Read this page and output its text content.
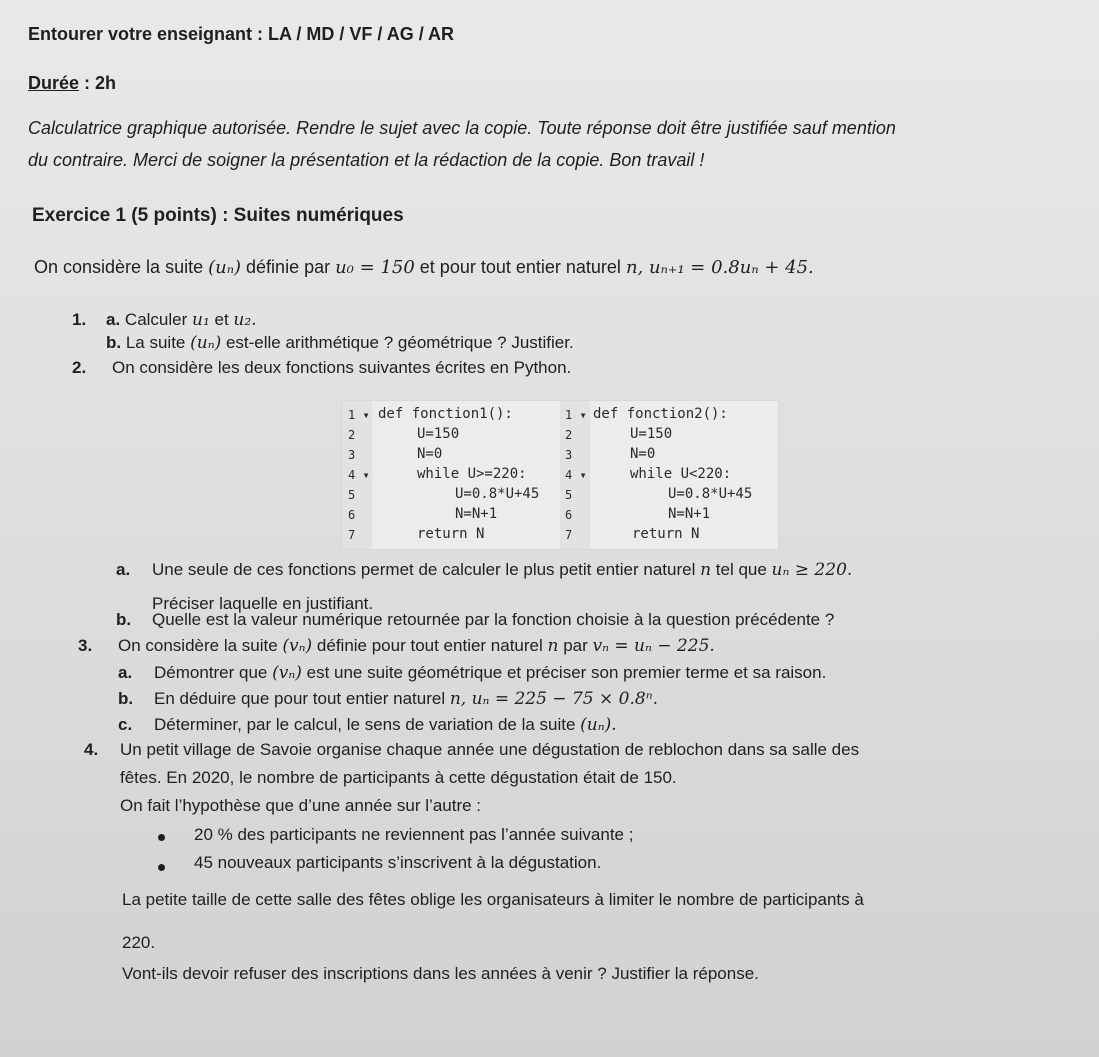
Entourer votre enseignant : LA / MD / VF / AG / AR
Durée : 2h
Calculatrice graphique autorisée. Rendre le sujet avec la copie. Toute réponse doit être justifiée sauf mention
du contraire. Merci de soigner la présentation et la rédaction de la copie. Bon travail !
Exercice 1 (5 points) : Suites numériques
On considère la suite (uₙ) définie par u₀ = 150 et pour tout entier naturel n, uₙ₊₁ = 0.8uₙ + 45.
1. a. Calculer u₁ et u₂.
b. La suite (uₙ) est-elle arithmétique ? géométrique ? Justifier.
2. On considère les deux fonctions suivantes écrites en Python.
1 ▾
2
3
4 ▾
5
6
7
def fonction1():
U=150
N=0
while U>=220:
U=0.8*U+45
N=N+1
return N
1 ▾
2
3
4 ▾
5
6
7
def fonction2():
U=150
N=0
while U<220:
U=0.8*U+45
N=N+1
return N
a. Une seule de ces fonctions permet de calculer le plus petit entier naturel n tel que uₙ ≥ 220.
Préciser laquelle en justifiant.
b. Quelle est la valeur numérique retournée par la fonction choisie à la question précédente ?
3. On considère la suite (vₙ) définie pour tout entier naturel n par vₙ = uₙ − 225.
a. Démontrer que (vₙ) est une suite géométrique et préciser son premier terme et sa raison.
b. En déduire que pour tout entier naturel n, uₙ = 225 − 75 × 0.8ⁿ.
c. Déterminer, par le calcul, le sens de variation de la suite (uₙ).
4. Un petit village de Savoie organise chaque année une dégustation de reblochon dans sa salle des
fêtes. En 2020, le nombre de participants à cette dégustation était de 150.
On fait l’hypothèse que d’une année sur l’autre :
20 % des participants ne reviennent pas l’année suivante ;
45 nouveaux participants s’inscrivent à la dégustation.
La petite taille de cette salle des fêtes oblige les organisateurs à limiter le nombre de participants à
220.
Vont-ils devoir refuser des inscriptions dans les années à venir ? Justifier la réponse.
